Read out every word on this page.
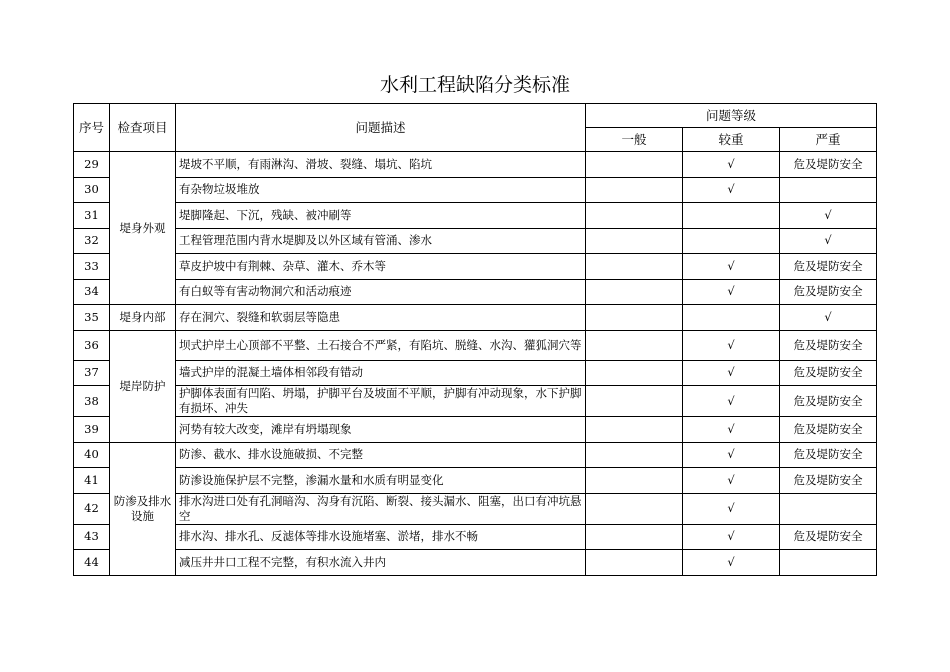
水利工程缺陷分类标准
序号	检查项目	问题描述	问题等级		
			一般	较重	严重
29	堤身外观	堤坡不平顺，有雨淋沟、滑坡、裂缝、塌坑、陷坑		√	危及堤防安全
30		有杂物垃圾堆放		√	
31		堤脚隆起、下沉，残缺、被冲刷等			√
32		工程管理范围内背水堤脚及以外区域有管涌、渗水			√
33		草皮护坡中有荆棘、杂草、灌木、乔木等		√	危及堤防安全
34		有白蚁等有害动物洞穴和活动痕迹		√	危及堤防安全
35	堤身内部	存在洞穴、裂缝和软弱层等隐患			√
36	堤岸防护	坝式护岸土心顶部不平整、土石接合不严紧，有陷坑、脱缝、水沟、獾狐洞穴等		√	危及堤防安全
37		墙式护岸的混凝土墙体相邻段有错动		√	危及堤防安全
38		护脚体表面有凹陷、坍塌，护脚平台及坡面不平顺，护脚有冲动现象，水下护脚有损坏、冲失		√	危及堤防安全
39		河势有较大改变，滩岸有坍塌现象		√	危及堤防安全
40	防渗及排水设施	防渗、截水、排水设施破损、不完整		√	危及堤防安全
41		防渗设施保护层不完整，渗漏水量和水质有明显变化		√	危及堤防安全
42		排水沟进口处有孔洞暗沟、沟身有沉陷、断裂、接头漏水、阻塞，出口有冲坑悬空		√	
43		排水沟、排水孔、反滤体等排水设施堵塞、淤堵，排水不畅		√	危及堤防安全
44		减压井井口工程不完整，有积水流入井内		√	
